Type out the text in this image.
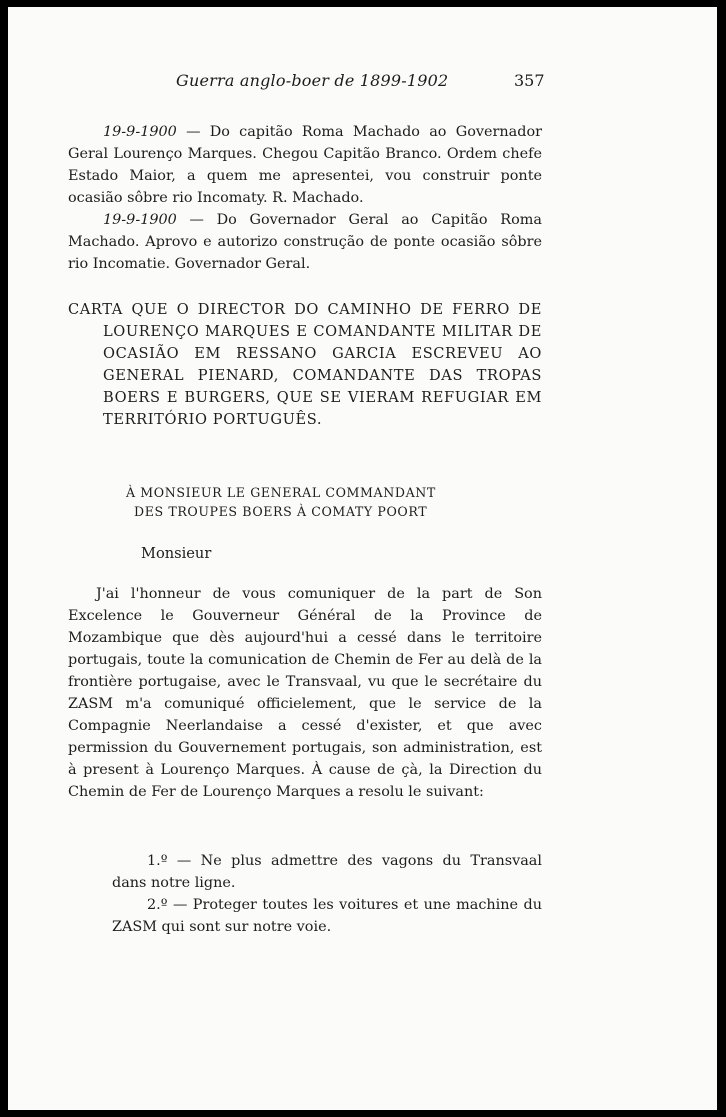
Guerra anglo-boer de 1899-1902	357

19-9-1900 — Do capitão Roma Machado ao Governador Geral Lourenço Marques. Chegou Capitão Branco. Ordem chefe Estado Maior, a quem me apresentei, vou construir ponte ocasião sôbre rio Incomaty. R. Machado.

19-9-1900 — Do Governador Geral ao Capitão Roma Machado. Aprovo e autorizo construção de ponte ocasião sôbre rio Incomatie. Governador Geral.

CARTA QUE O DIRECTOR DO CAMINHO DE FERRO DE LOURENÇO MARQUES E COMANDANTE MILITAR DE OCASIÃO EM RESSANO GARCIA ESCREVEU AO GENERAL PIENARD, COMANDANTE DAS TROPAS BOERS E BURGERS, QUE SE VIERAM REFUGIAR EM TERRITÓRIO PORTUGUÊS.
À MONSIEUR LE GENERAL COMMANDANT
DES TROUPES BOERS À COMATY POORT
Monsieur

J'ai l'honneur de vous comuniquer de la part de Son Excelence le Gouverneur Général de la Province de Mozambique que dès aujourd'hui a cessé dans le territoire portugais, toute la comunication de Chemin de Fer au delà de la frontière portugaise, avec le Transvaal, vu que le secrétaire du ZASM m'a comuniqué officielement, que le service de la Compagnie Neerlandaise a cessé d'exister, et que avec permission du Gouvernement portugais, son administration, est à present à Lourenço Marques. À cause de çà, la Direction du Chemin de Fer de Lourenço Marques a resolu le suivant:

1.º — Ne plus admettre des vagons du Transvaal dans notre ligne.

2.º — Proteger toutes les voitures et une machine du ZASM qui sont sur notre voie.
